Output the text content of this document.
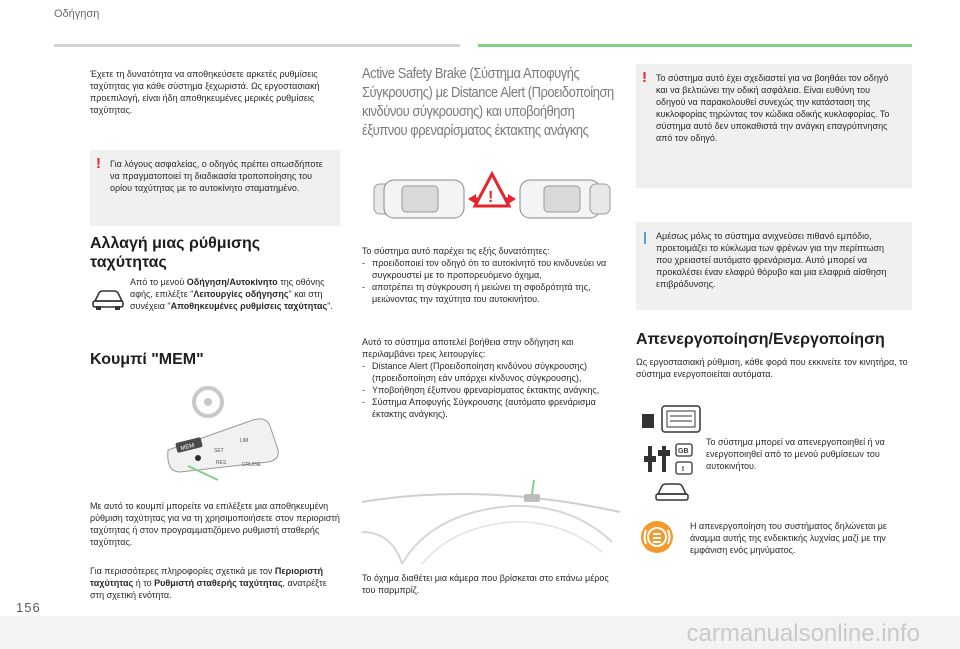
Οδήγηση
Έχετε τη δυνατότητα να αποθηκεύσετε αρκετές ρυθμίσεις ταχύτητας για κάθε σύστημα ξεχωριστά. Ως εργοστασιακή προεπιλογή, είναι ήδη αποθηκευμένες μερικές ρυθμίσεις ταχύτητας.
! Για λόγους ασφαλείας, ο οδηγός πρέπει οπωσδήποτε να πραγματοποιεί τη διαδικασία τροποποίησης του ορίου ταχύτητας με το αυτοκίνητο σταματημένο.
Αλλαγή μιας ρύθμισης ταχύτητας
Από το μενού Οδήγηση/Αυτοκίνητο της οθόνης αφής, επιλέξτε "Λειτουργίες οδήγησης" και στη συνέχεια "Αποθηκευμένες ρυθμίσεις ταχύτητας".
Κουμπί "MEM"
MEM	SET
RES	CRUISE
LIM
Με αυτό το κουμπί μπορείτε να επιλέξετε μια αποθηκευμένη ρύθμιση ταχύτητας για να τη χρησιμοποιήσετε στον περιοριστή ταχύτητας ή στον προγραμματιζόμενο ρυθμιστή σταθερής ταχύτητας.
Για περισσότερες πληροφορίες σχετικά με τον Περιοριστή ταχύτητας ή το Ρυθμιστή σταθερής ταχύτητας, ανατρέξτε στη σχετική ενότητα.
Active Safety Brake (Σύστημα Αποφυγής Σύγκρουσης) με Distance Alert (Προειδοποίηση κινδύνου σύγκρουσης) και υποβοήθηση έξυπνου φρεναρίσματος έκτακτης ανάγκης
!
Το σύστημα αυτό παρέχει τις εξής δυνατότητες:
- προειδοποιεί τον οδηγό ότι το αυτοκίνητό του κινδυνεύει να συγκρουστεί με το προπορευόμενο όχημα,
- αποτρέπει τη σύγκρουση ή μειώνει τη σφοδρότητά της, μειώνοντας την ταχύτητα του αυτοκινήτου.
Αυτό το σύστημα αποτελεί βοήθεια στην οδήγηση και περιλαμβάνει τρεις λειτουργίες:
- Distance Alert (Προειδοποίηση κινδύνου σύγκρουσης) (προειδοποίηση εάν υπάρχει κίνδυνος σύγκρουσης),
- Υποβοήθηση έξυπνου φρεναρίσματος έκτακτης ανάγκης,
- Σύστημα Αποφυγής Σύγκρουσης (αυτόματο φρενάρισμα έκτακτης ανάγκης).
Το όχημα διαθέτει μια κάμερα που βρίσκεται στο επάνω μέρος του παρμπρίζ.
! Το σύστημα αυτό έχει σχεδιαστεί για να βοηθάει τον οδηγό και να βελτιώνει την οδική ασφάλεια. Είναι ευθύνη του οδηγού να παρακολουθεί συνεχώς την κατάσταση της κυκλοφορίας τηρώντας τον κώδικα οδικής κυκλοφορίας. Το σύστημα αυτό δεν υποκαθιστά την ανάγκη επαγρύπνησης από τον οδηγό.
Αμέσως μόλις το σύστημα ανιχνεύσει πιθανό εμπόδιο, προετοιμάζει το κύκλωμα των φρένων για την περίπτωση που χρειαστεί αυτόματο φρενάρισμα. Αυτό μπορεί να προκαλέσει έναν ελαφρύ θόρυβο και μια ελαφριά αίσθηση επιβράδυνσης.
Απενεργοποίηση/Ενεργοποίηση
Ως εργοστασιακή ρύθμιση, κάθε φορά που εκκινείτε τον κινητήρα, το σύστημα ενεργοποιείται αυτόματα.
GB
I
Το σύστημα μπορεί να απενεργοποιηθεί ή να ενεργοποιηθεί από το μενού ρυθμίσεων του αυτοκινήτου.
Η απενεργοποίηση του συστήματος δηλώνεται με άναμμα αυτής της ενδεικτικής λυχνίας μαζί με την εμφάνιση ενός μηνύματος.
156
carmanualsonline.info
